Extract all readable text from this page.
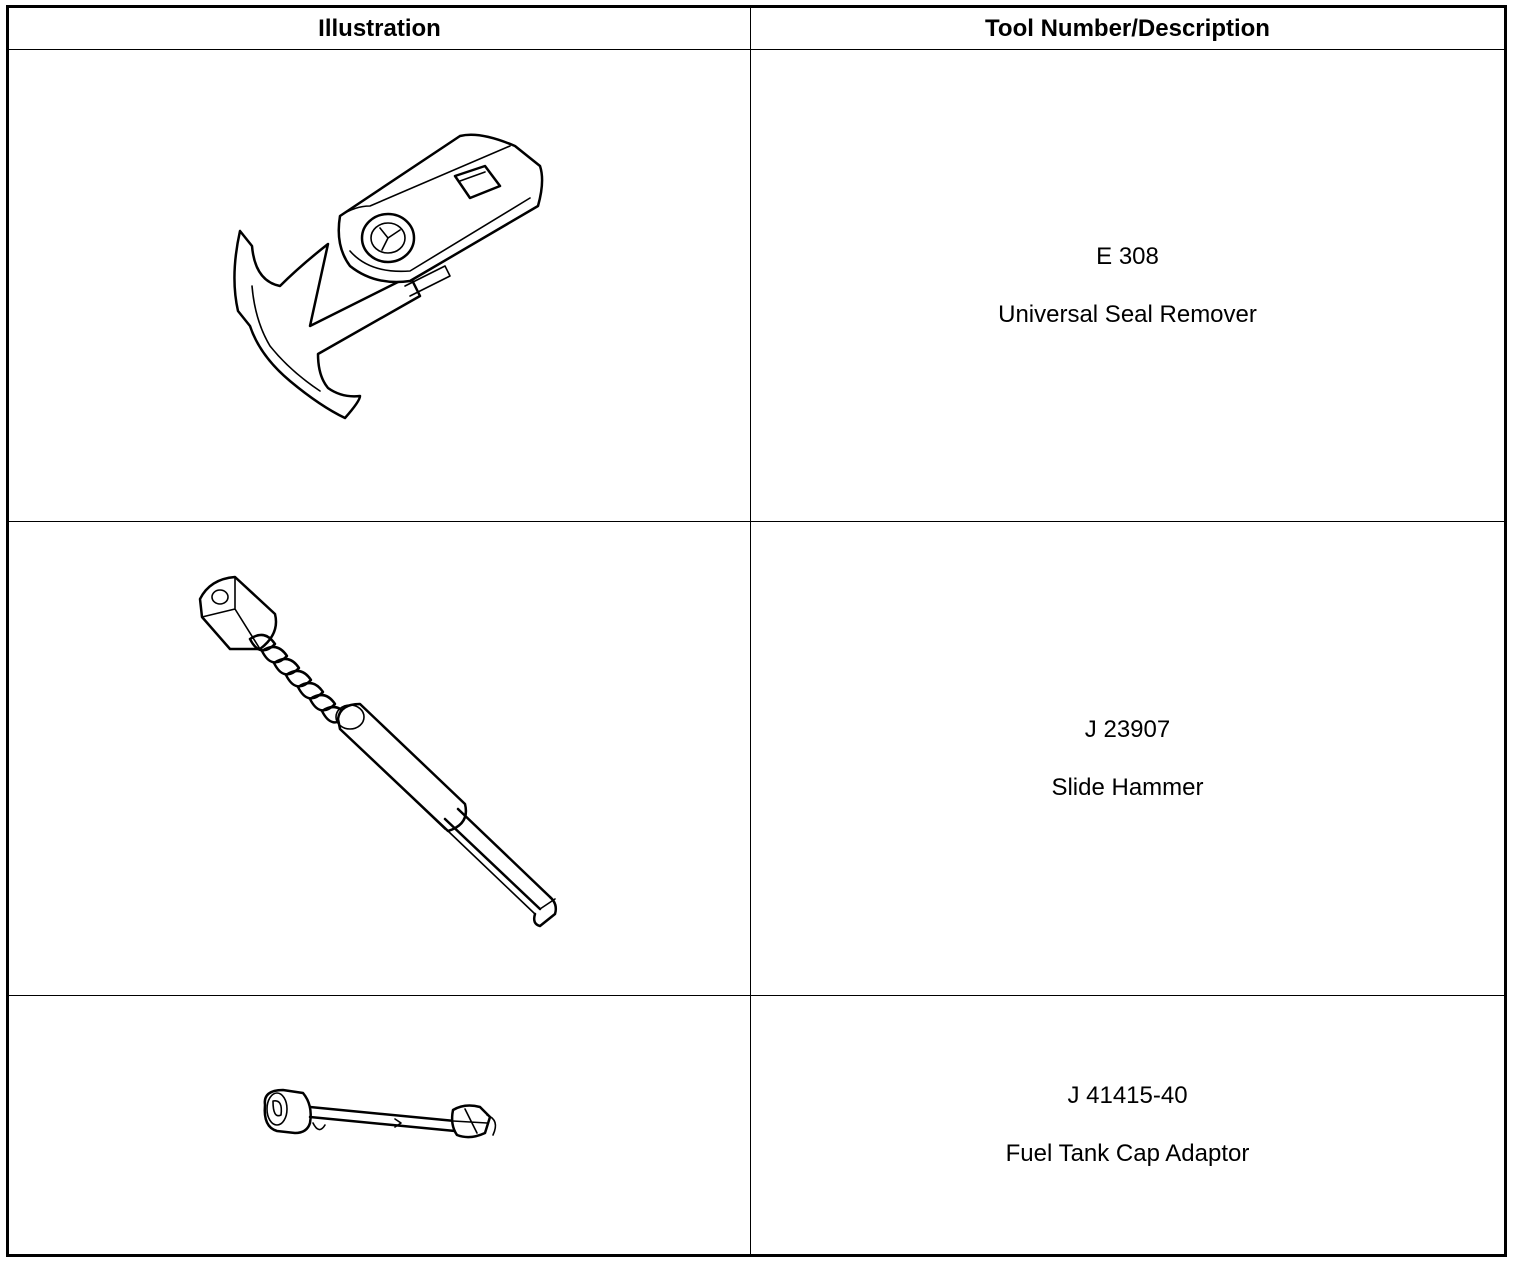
Illustration	Tool Number/Description

E 308
Universal Seal Remover

J 23907
Slide Hammer

J 41415-40
Fuel Tank Cap Adaptor
